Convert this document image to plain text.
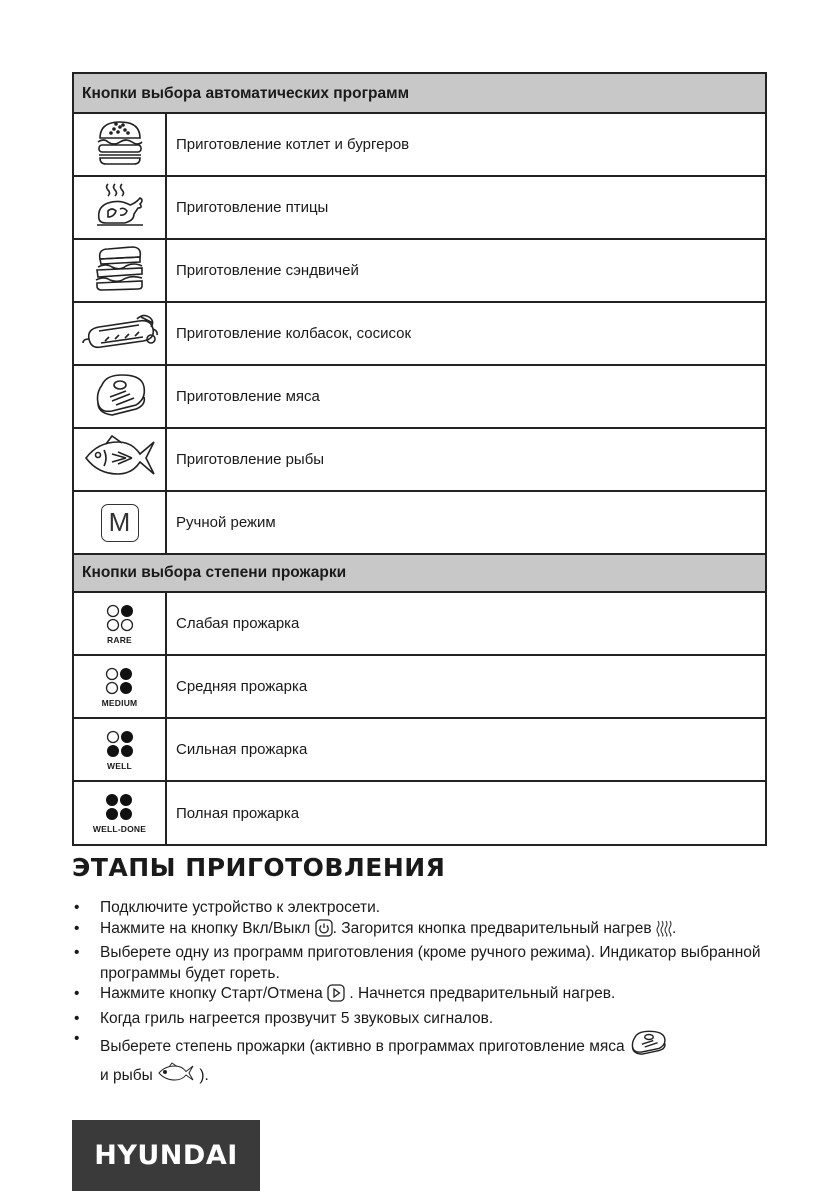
Кнопки выбора автоматических программ
Приготовление котлет и бургеров
Приготовление птицы
Приготовление сэндвичей
Приготовление колбасок, сосисок
Приготовление мяса
Приготовление рыбы
M	Ручной режим
Кнопки выбора степени прожарки
RARE
Слабая прожарка
MEDIUM
Средняя прожарка
WELL
Сильная прожарка
WELL-DONE
Полная прожарка
ЭТАПЫ ПРИГОТОВЛЕНИЯ
• Подключите устройство к электросети.
• Нажмите на кнопку Вкл/Выкл . Загорится кнопка предварительный нагрев .
• Выберете одну из программ приготовления (кроме ручного режима). Индикатор выбранной программы будет гореть.
• Нажмите кнопку Старт/Отмена  . Начнется предварительный нагрев.
• Когда гриль нагреется прозвучит 5 звуковых сигналов.
• Выберете степень прожарки (активно в программах приготовление мяса
и рыбы  ).
HYUNDAI
